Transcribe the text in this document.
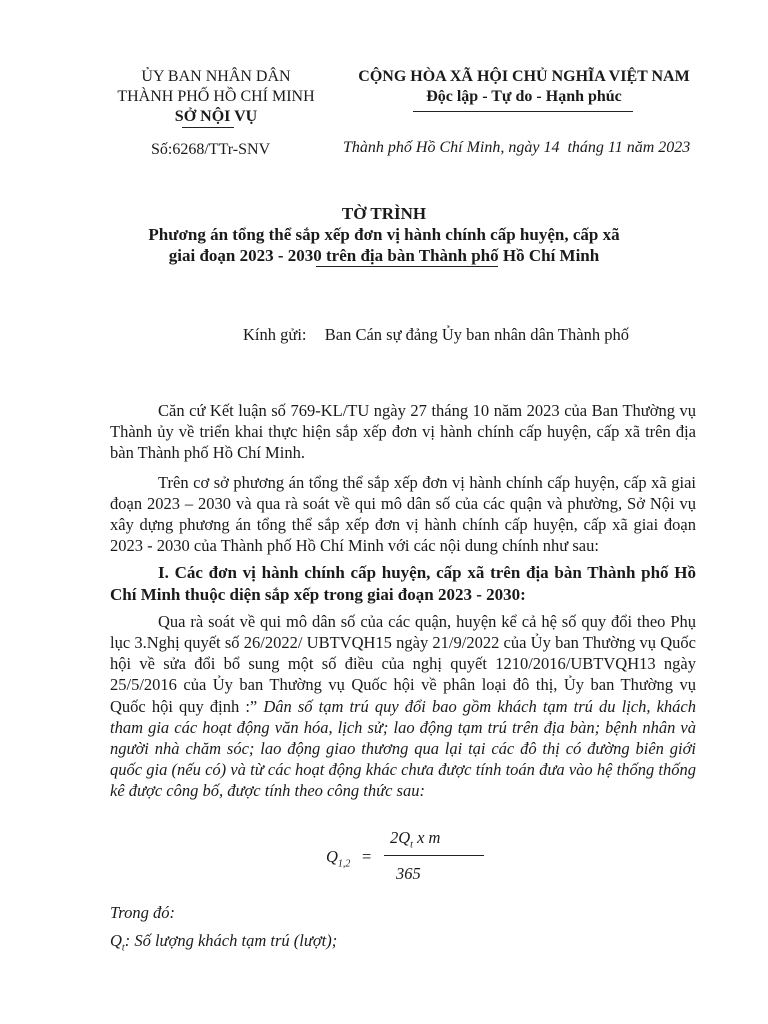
ỦY BAN NHÂN DÂN
THÀNH PHỐ HỒ CHÍ MINH
SỞ NỘI VỤ
Số:6268/TTr-SNV
CỘNG HÒA XÃ HỘI CHỦ NGHĨA VIỆT NAM
Độc lập - Tự do - Hạnh phúc
Thành phố Hồ Chí Minh, ngày 14  tháng 11 năm 2023
TỜ TRÌNH
Phương án tổng thể sắp xếp đơn vị hành chính cấp huyện, cấp xã
giai đoạn 2023 - 2030 trên địa bàn Thành phố Hồ Chí Minh
Kính gửi: Ban Cán sự đảng Ủy ban nhân dân Thành phố

Căn cứ Kết luận số 769-KL/TU ngày 27 tháng 10 năm 2023 của Ban Thường vụ Thành ủy về triển khai thực hiện sắp xếp đơn vị hành chính cấp huyện, cấp xã trên địa bàn Thành phố Hồ Chí Minh.

Trên cơ sở phương án tổng thể sắp xếp đơn vị hành chính cấp huyện, cấp xã giai đoạn 2023 – 2030 và qua rà soát về qui mô dân số của các quận và phường, Sở Nội vụ xây dựng phương án tổng thể sắp xếp đơn vị hành chính cấp huyện, cấp xã giai đoạn 2023 - 2030 của Thành phố Hồ Chí Minh với các nội dung chính như sau:

I. Các đơn vị hành chính cấp huyện, cấp xã trên địa bàn Thành phố Hồ Chí Minh thuộc diện sắp xếp trong giai đoạn 2023 - 2030:

Qua rà soát về qui mô dân số của các quận, huyện kể cả hệ số quy đổi theo Phụ lục 3.Nghị quyết số 26/2022/ UBTVQH15 ngày 21/9/2022 của Ủy ban Thường vụ Quốc hội về sửa đổi bổ sung một số điều của nghị quyết 1210/2016/UBTVQH13 ngày 25/5/2016 của Ủy ban Thường vụ Quốc hội về phân loại đô thị, Ủy ban Thường vụ Quốc hội quy định :” Dân số tạm trú quy đổi bao gồm khách tạm trú du lịch, khách tham gia các hoạt động văn hóa, lịch sử; lao động tạm trú trên địa bàn; bệnh nhân và người nhà chăm sóc; lao động giao thương qua lại tại các đô thị có đường biên giới quốc gia (nếu có) và từ các hoạt động khác chưa được tính toán đưa vào hệ thống thống kê được công bố, được tính theo công thức sau:

$Q_{1,2}$ =
$2Q_t$ x m
365
Trong đó:
$Q_t$: Số lượng khách tạm trú (lượt);
